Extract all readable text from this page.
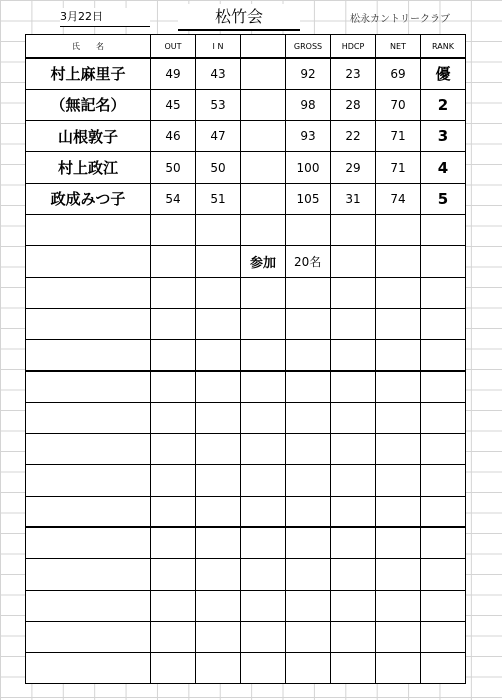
3月22日	松竹会	松永カントリークラブ
氏　　名	OUT	I N		GROSS	HDCP	NET	RANK
村上麻里子	49	43		92	23	69	優
（無記名）	45	53		98	28	70	2
山根敦子	46	47		93	22	71	3
村上政江	50	50		100	29	71	4
政成みつ子	54	51		105	31	74	5

			参加	20名			
